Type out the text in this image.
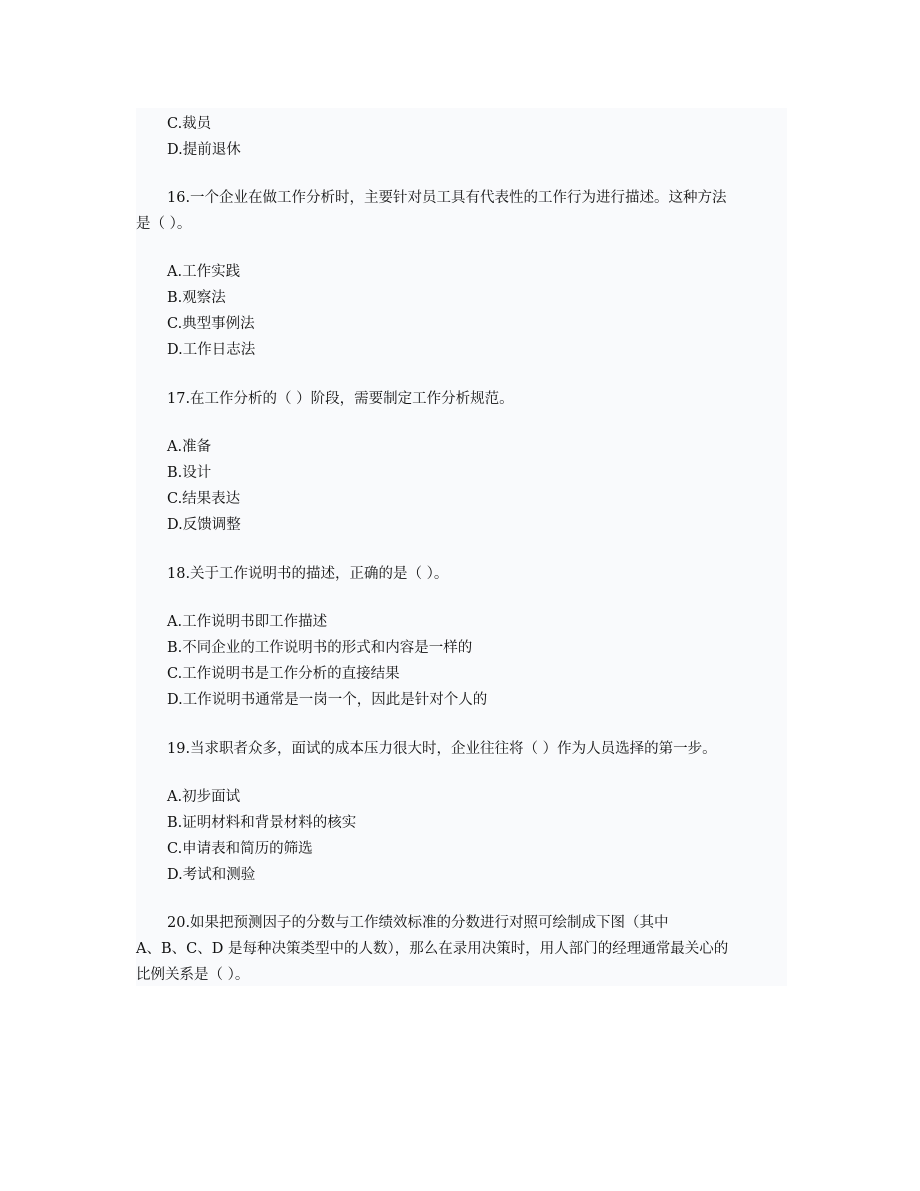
C.裁员
D.提前退休
16.一个企业在做工作分析时，主要针对员工具有代表性的工作行为进行描述。这种方法
是（ ）。
A.工作实践
B.观察法
C.典型事例法
D.工作日志法
17.在工作分析的（ ）阶段，需要制定工作分析规范。
A.准备
B.设计
C.结果表达
D.反馈调整
18.关于工作说明书的描述，正确的是（ ）。
A.工作说明书即工作描述
B.不同企业的工作说明书的形式和内容是一样的
C.工作说明书是工作分析的直接结果
D.工作说明书通常是一岗一个，因此是针对个人的
19.当求职者众多，面试的成本压力很大时，企业往往将（ ）作为人员选择的第一步。
A.初步面试
B.证明材料和背景材料的核实
C.申请表和简历的筛选
D.考试和测验
20.如果把预测因子的分数与工作绩效标准的分数进行对照可绘制成下图（其中
A、B、C、D 是每种决策类型中的人数），那么在录用决策时，用人部门的经理通常最关心的
比例关系是（ ）。
